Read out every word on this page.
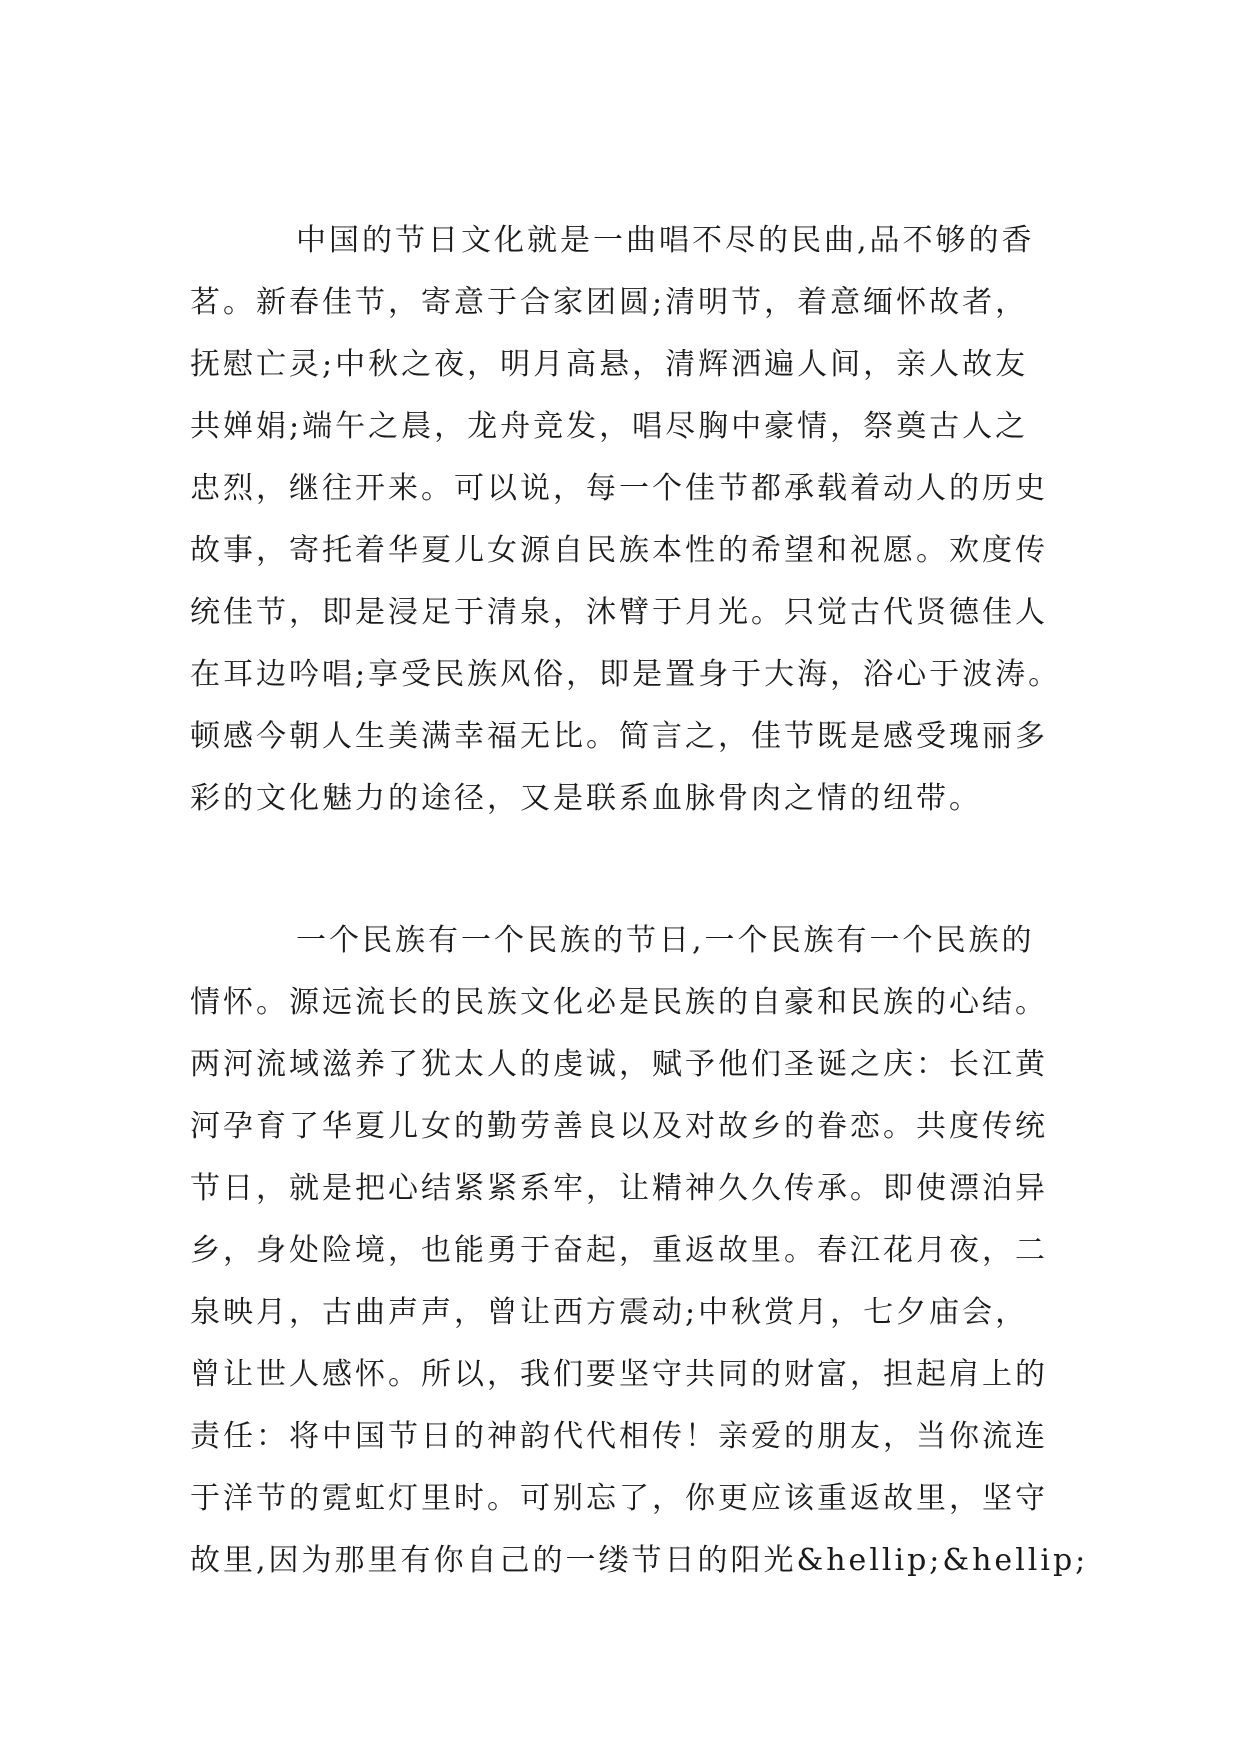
中国的节日文化就是一曲唱不尽的民曲,品不够的香
茗。新春佳节，寄意于合家团圆;清明节，着意缅怀故者，
抚慰亡灵;中秋之夜，明月高悬，清辉洒遍人间，亲人故友
共婵娟;端午之晨，龙舟竞发，唱尽胸中豪情，祭奠古人之
忠烈，继往开来。可以说，每一个佳节都承载着动人的历史
故事，寄托着华夏儿女源自民族本性的希望和祝愿。欢度传
统佳节，即是浸足于清泉，沐臂于月光。只觉古代贤德佳人
在耳边吟唱;享受民族风俗，即是置身于大海，浴心于波涛。
顿感今朝人生美满幸福无比。简言之，佳节既是感受瑰丽多
彩的文化魅力的途径，又是联系血脉骨肉之情的纽带。
一个民族有一个民族的节日,一个民族有一个民族的
情怀。源远流长的民族文化必是民族的自豪和民族的心结。
两河流域滋养了犹太人的虔诚，赋予他们圣诞之庆：长江黄
河孕育了华夏儿女的勤劳善良以及对故乡的眷恋。共度传统
节日，就是把心结紧紧系牢，让精神久久传承。即使漂泊异
乡，身处险境，也能勇于奋起，重返故里。春江花月夜，二
泉映月，古曲声声，曾让西方震动;中秋赏月，七夕庙会，
曾让世人感怀。所以，我们要坚守共同的财富，担起肩上的
责任：将中国节日的神韵代代相传！亲爱的朋友，当你流连
于洋节的霓虹灯里时。可别忘了，你更应该重返故里，坚守
故里,因为那里有你自己的一缕节日的阳光&hellip;&hellip;
